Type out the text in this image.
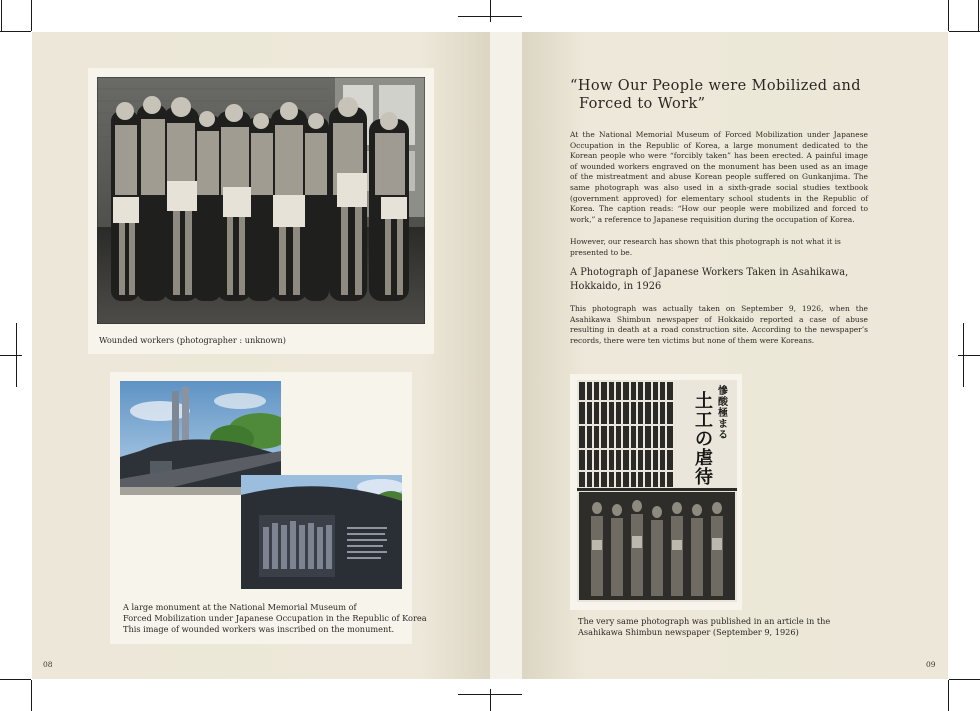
Wounded workers (photographer : unknown)
A large monument at the National Memorial Museum of
Forced Mobilization under Japanese Occupation in the Republic of Korea
This image of wounded workers was inscribed on the monument.
08
“How Our People were Mobilized and
Forced to Work”
At the National Memorial Museum of Forced Mobilization under Japanese Occupation in the Republic of Korea, a large monument dedicated to the Korean people who were “forcibly taken” has been erected. A painful image of wounded workers engraved on the monument has been used as an image of the mistreatment and abuse Korean people suffered on Gunkanjima. The same photograph was also used in a sixth-grade social studies textbook (government approved) for elementary school students in the Republic of Korea. The caption reads: “How our people were mobilized and forced to work,” a reference to Japanese requisition during the occupation of Korea.
However, our research has shown that this photograph is not what it is presented to be.
A Photograph of Japanese Workers Taken in Asahikawa,
Hokkaido, in 1926
This photograph was actually taken on September 9, 1926, when the Asahikawa Shimbun newspaper of Hokkaido reported a case of abuse resulting in death at a road construction site. According to the newspaper’s records, there were ten victims but none of them were Koreans.
慘
酸
極
ま
る
土
工
の
虐
待
The very same photograph was published in an article in the
Asahikawa Shimbun newspaper (September 9, 1926)
09
